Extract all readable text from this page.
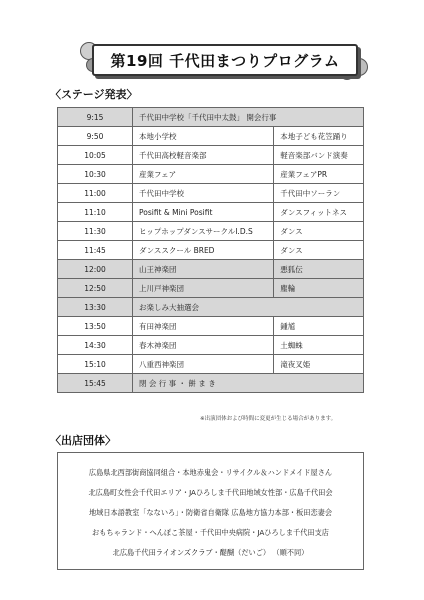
第19回 千代田まつりプログラム
〈ステージ発表〉
9:15	千代田中学校「千代田中太鼓」 開会行事	
9:50	本地小学校	本地子ども花笠踊り
10:05	千代田高校軽音楽部	軽音楽部バンド演奏
10:30	産業フェア	産業フェアPR
11:00	千代田中学校	千代田中ソーラン
11:10	Posifit & Mini Posifit	ダンスフィットネス
11:30	ヒップホップダンスサークルI.D.S	ダンス
11:45	ダンススクール BRED	ダンス
12:00	山王神楽団	悪狐伝
12:50	上川戸神楽団	塵輪
13:30	お楽しみ大抽選会	
13:50	有田神楽団	鍾馗
14:30	春木神楽団	土蜘蛛
15:10	八重西神楽団	滝夜叉姫
15:45	閉 会 行 事 ・ 餅 ま き	
※出演団体および時間に変更が生じる場合があります。
〈出店団体〉
広島県北西部街商協同組合・本地赤鬼会・リサイクル＆ハンドメイド屋さん
北広島町女性会千代田エリア・JAひろしま千代田地域女性部・広島千代田会
地域日本語教室「なないろ」・防衛省自衛隊 広島地方協力本部・板田恋妻会
おもちゃランド・へんぽこ茶屋・千代田中央病院・JAひろしま千代田支店
北広島千代田ライオンズクラブ・醍醐（だいご） （順不同）
